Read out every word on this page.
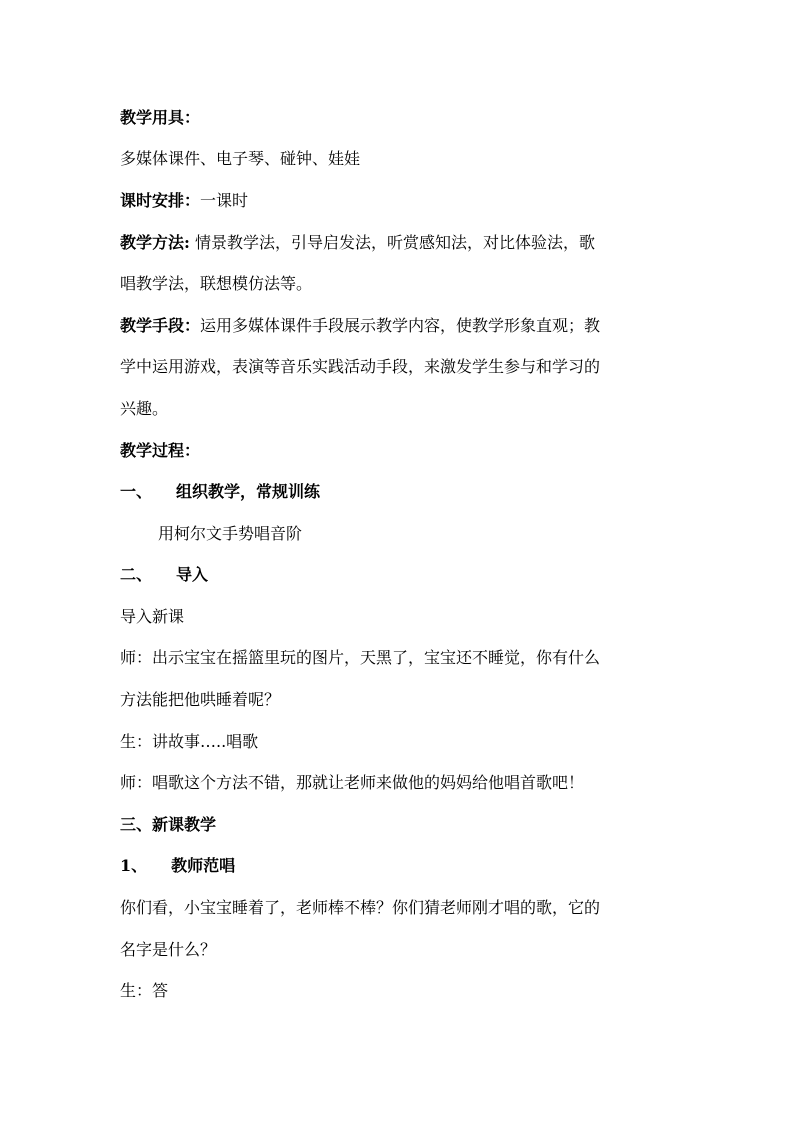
教学用具：
多媒体课件、电子琴、碰钟、娃娃
课时安排：一课时
教学方法: 情景教学法，引导启发法，听赏感知法，对比体验法，歌
唱教学法，联想模仿法等。
教学手段：运用多媒体课件手段展示教学内容，使教学形象直观；教
学中运用游戏，表演等音乐实践活动手段，来激发学生参与和学习的
兴趣。
教学过程：
一、 组织教学，常规训练
用柯尔文手势唱音阶
二、 导入
导入新课
师：出示宝宝在摇篮里玩的图片，天黑了，宝宝还不睡觉，你有什么
方法能把他哄睡着呢？
生：讲故事…..唱歌
师：唱歌这个方法不错，那就让老师来做他的妈妈给他唱首歌吧！
三、新课教学
1、 教师范唱
你们看，小宝宝睡着了，老师棒不棒？你们猜老师刚才唱的歌，它的
名字是什么？
生：答
